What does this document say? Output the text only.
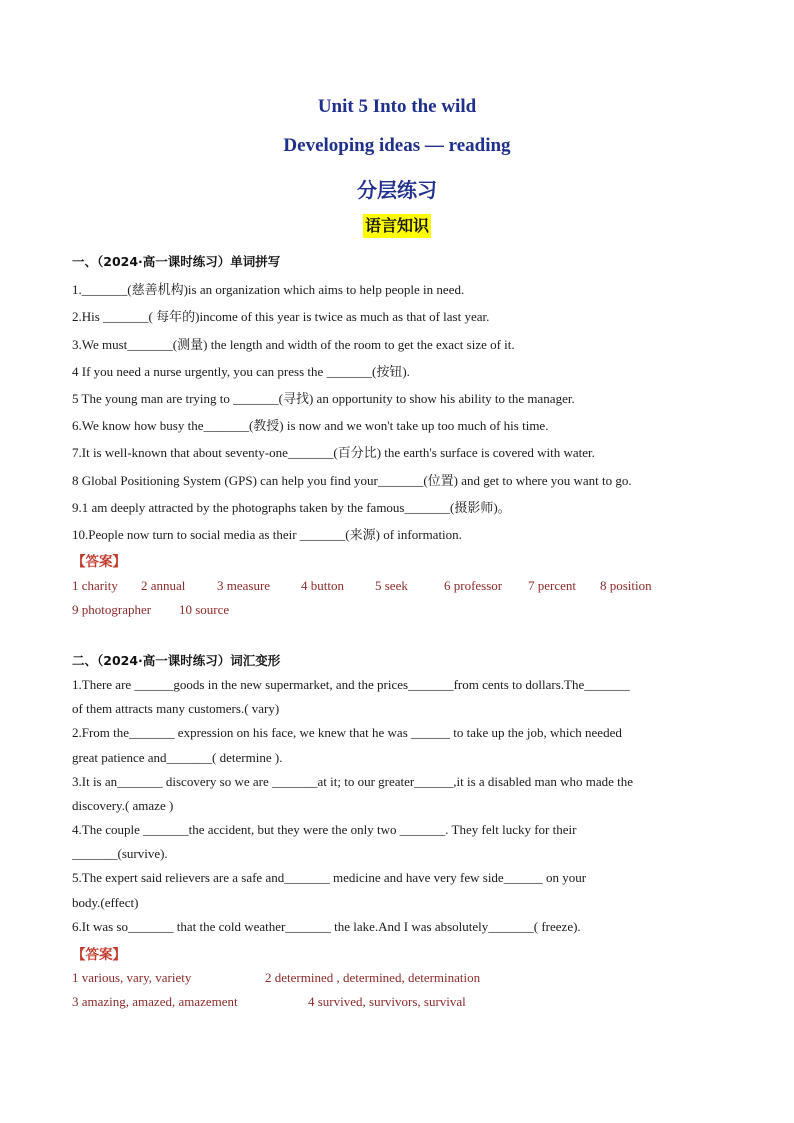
Unit 5 Into the wild
Developing ideas — reading
分层练习
语言知识
一、（2024·高一课时练习）单词拼写
1._______(慈善机构)is an organization which aims to help people in need.
2.His _______( 每年的)income of this year is twice as much as that of last year.
3.We must_______(测量) the length and width of the room to get the exact size of it.
4 If you need a nurse urgently, you can press the _______(按钮).
5 The young man are trying to _______(寻找) an opportunity to show his ability to the manager.
6.We know how busy the_______(教授) is now and we won't take up too much of his time.
7.It is well-known that about seventy-one_______(百分比) the earth's surface is covered with water.
8 Global Positioning System (GPS) can help you find your_______(位置) and get to where you want to go.
9.1 am deeply attracted by the photographs taken by the famous_______(摄影师)。
10.People now turn to social media as their _______(来源) of information.
【答案】
1 charity 2 annual 3 measure 4 button 5 seek	6 professor 7 percent 8 position
9 photographer 10 source
二、（2024·高一课时练习）词汇变形
1.There are ______goods in the new supermarket, and the prices_______from cents to dollars.The_______
of them attracts many customers.( vary)
2.From the_______ expression on his face, we knew that he was ______ to take up the job, which needed
great patience and_______( determine ).
3.It is an_______ discovery so we are _______at it; to our greater______,it is a disabled man who made the
discovery.( amaze )
4.The couple _______the accident, but they were the only two _______. They felt lucky for their
_______(survive).
5.The expert said relievers are a safe and_______ medicine and have very few side______ on your
body.(effect)
6.It was so_______ that the cold weather_______ the lake.And I was absolutely_______( freeze).
【答案】
1 various, vary, variety	2 determined , determined, determination
3 amazing, amazed, amazement	4 survived, survivors, survival
